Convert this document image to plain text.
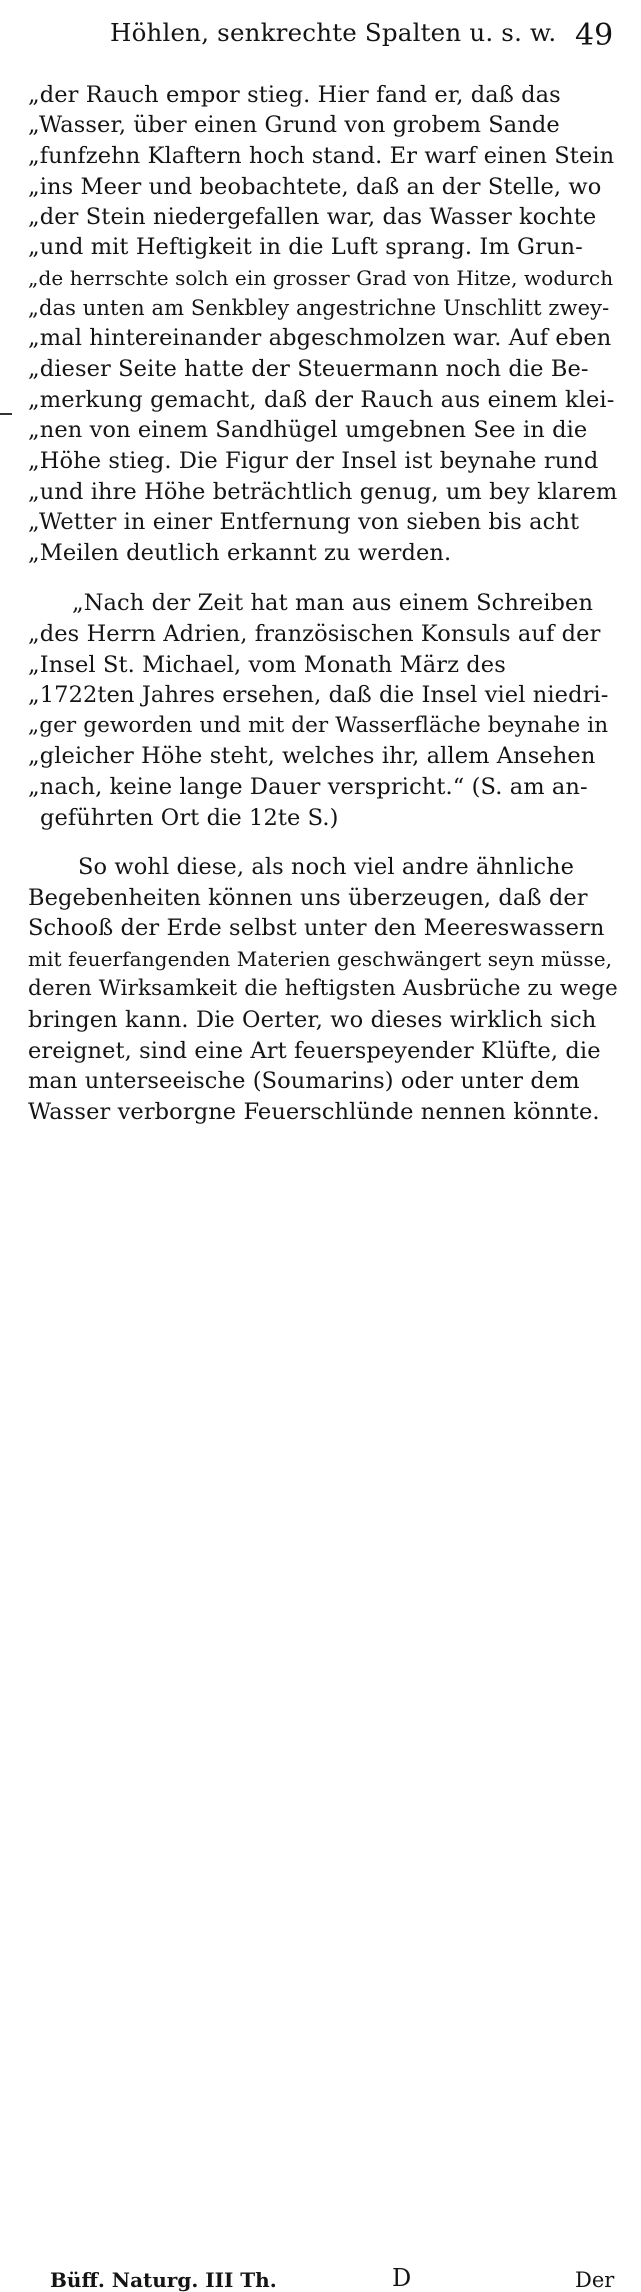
Höhlen, senkrechte Spalten u. s. w. 49
„der Rauch empor stieg. Hier fand er, daß das
„Wasser, über einen Grund von grobem Sande
„funfzehn Klaftern hoch stand. Er warf einen Stein
„ins Meer und beobachtete, daß an der Stelle, wo
„der Stein niedergefallen war, das Wasser kochte
„und mit Heftigkeit in die Luft sprang. Im Grun-
„de herrschte solch ein grosser Grad von Hitze, wodurch
„das unten am Senkbley angestrichne Unschlitt zwey-
„mal hintereinander abgeschmolzen war. Auf eben
„dieser Seite hatte der Steuermann noch die Be-
„merkung gemacht, daß der Rauch aus einem klei-
„nen von einem Sandhügel umgebnen See in die
„Höhe stieg. Die Figur der Insel ist beynahe rund
„und ihre Höhe beträchtlich genug, um bey klarem
„Wetter in einer Entfernung von sieben bis acht
„Meilen deutlich erkannt zu werden.
„Nach der Zeit hat man aus einem Schreiben
„des Herrn Adrien, französischen Konsuls auf der
„Insel St. Michael, vom Monath März des
„1722ten Jahres ersehen, daß die Insel viel niedri-
„ger geworden und mit der Wasserfläche beynahe in
„gleicher Höhe steht, welches ihr, allem Ansehen
„nach, keine lange Dauer verspricht.“ (S. am an-
geführten Ort die 12te S.)
So wohl diese, als noch viel andre ähnliche
Begebenheiten können uns überzeugen, daß der
Schooß der Erde selbst unter den Meereswassern
mit feuerfangenden Materien geschwängert seyn müsse,
deren Wirksamkeit die heftigsten Ausbrüche zu wege
bringen kann. Die Oerter, wo dieses wirklich sich
ereignet, sind eine Art feuerspeyender Klüfte, die
man unterseeische (Soumarins) oder unter dem
Wasser verborgne Feuerschlünde nennen könnte.
Büff. Naturg. III Th.	D	Der
